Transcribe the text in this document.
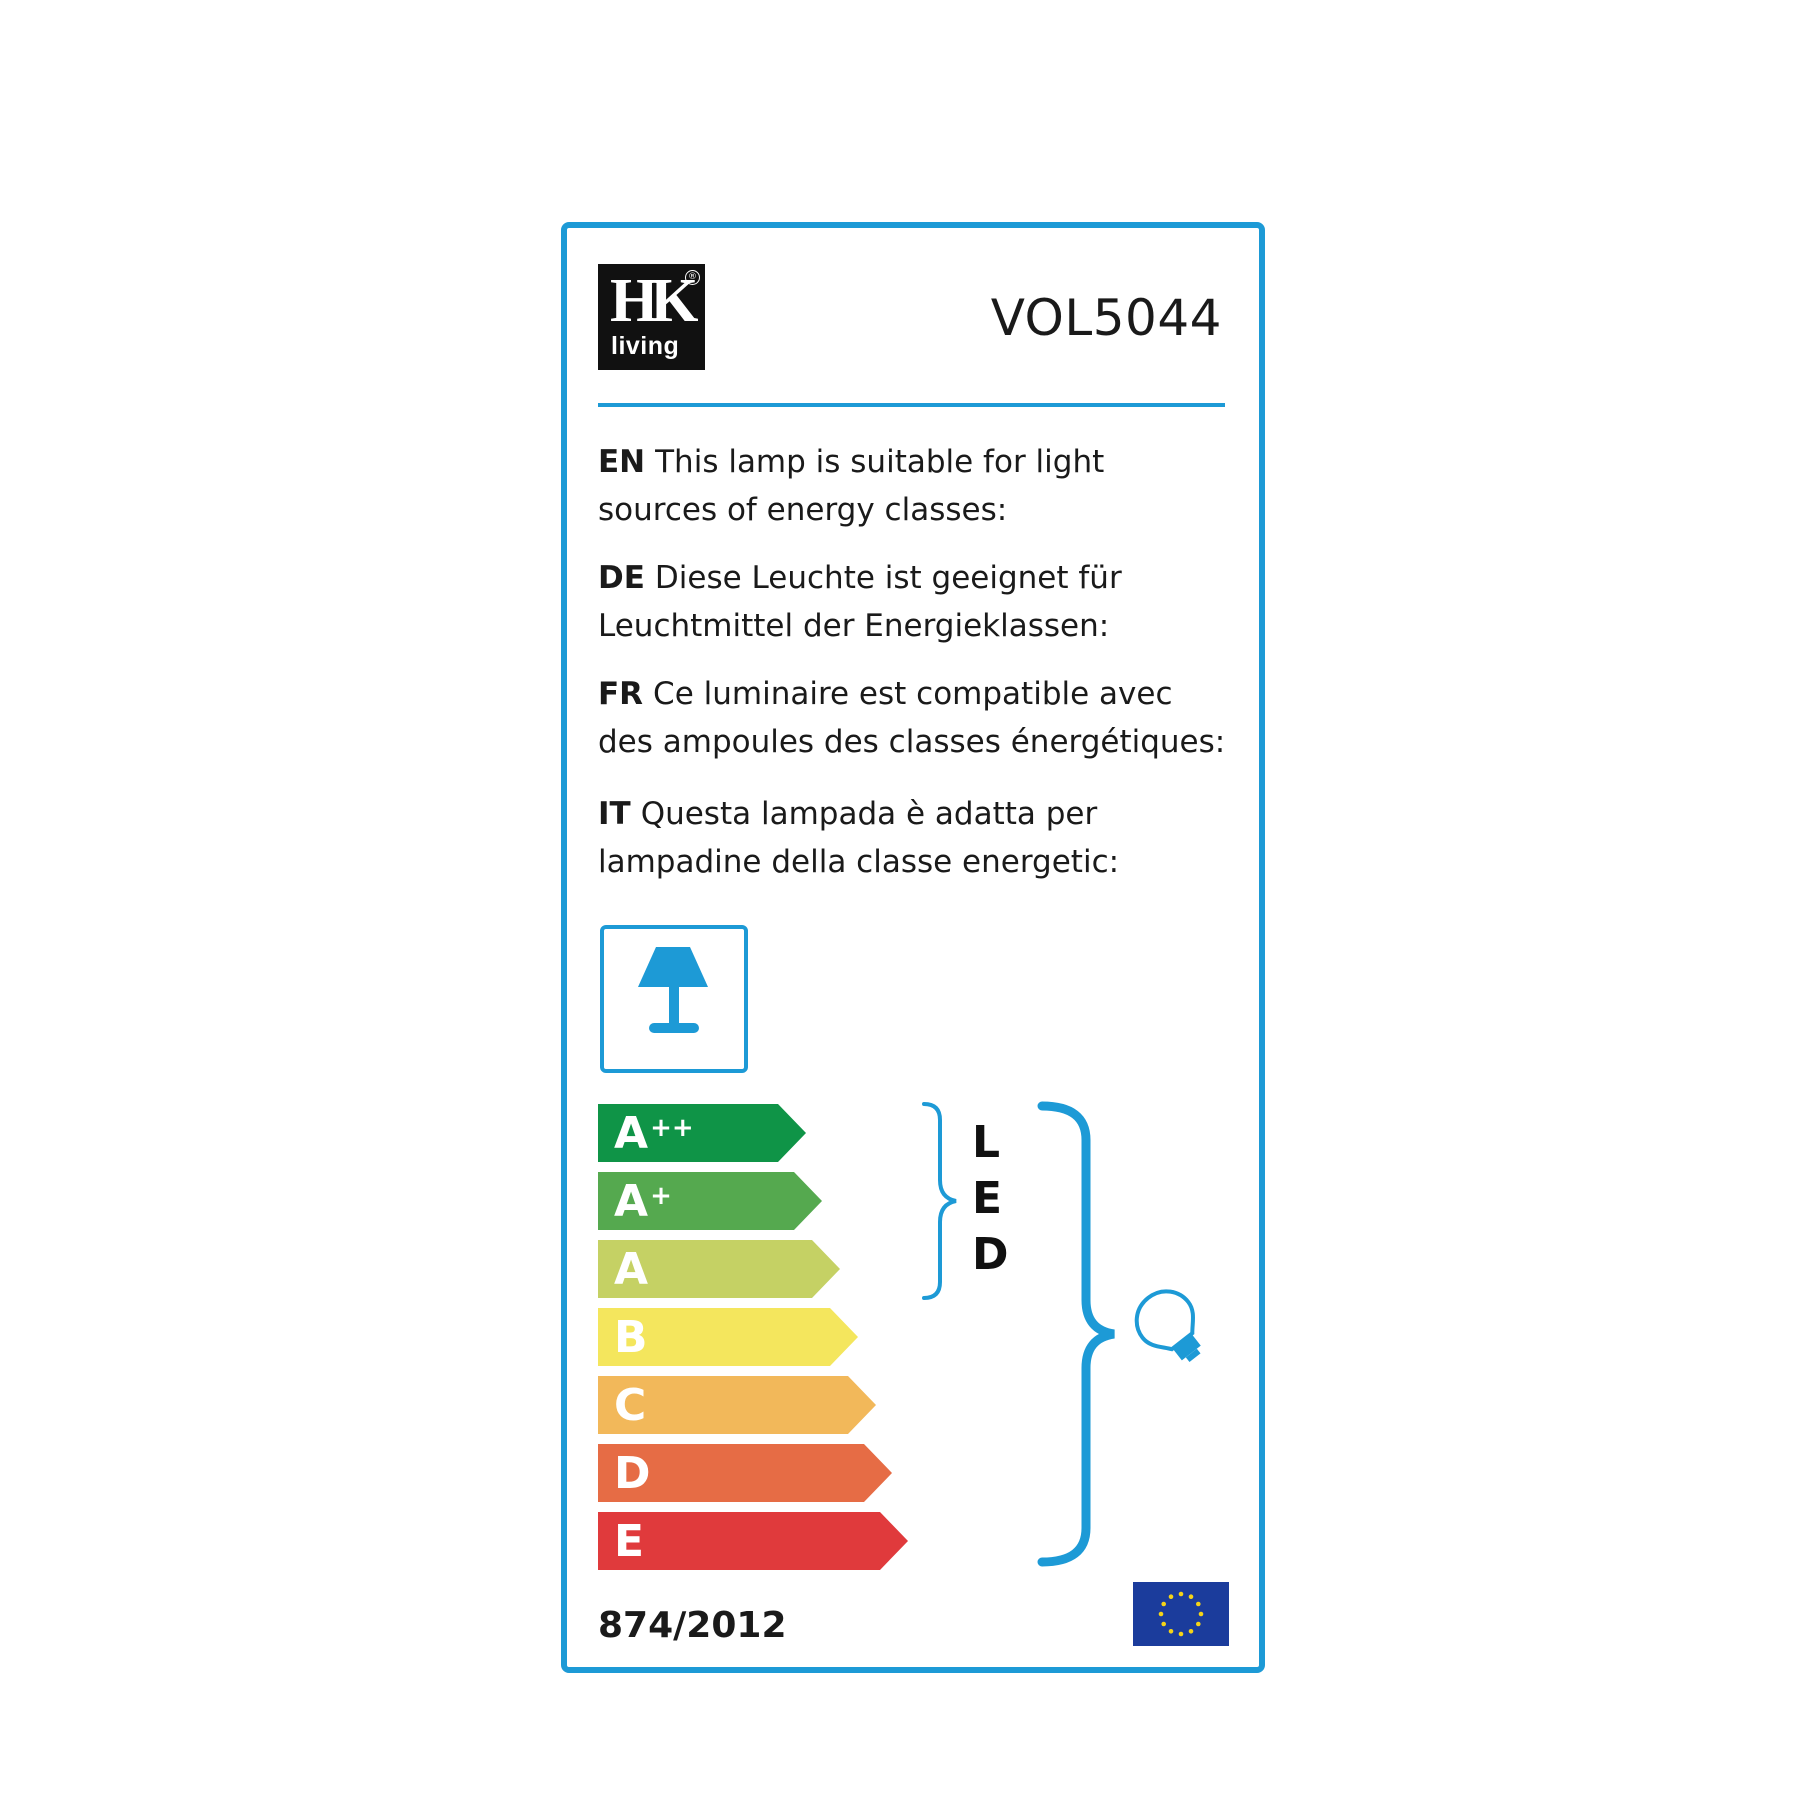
HK
®
living	VOL5044
EN This lamp is suitable for light
sources of energy classes:
DE Diese Leuchte ist geeignet für
Leuchtmittel der Energieklassen:
FR Ce luminaire est compatible avec
des ampoules des classes énergétiques:
IT Questa lampada è adatta per
lampadine della classe energetic:
A++
A+
A
B
C
D
E
L
E
D
874/2012
